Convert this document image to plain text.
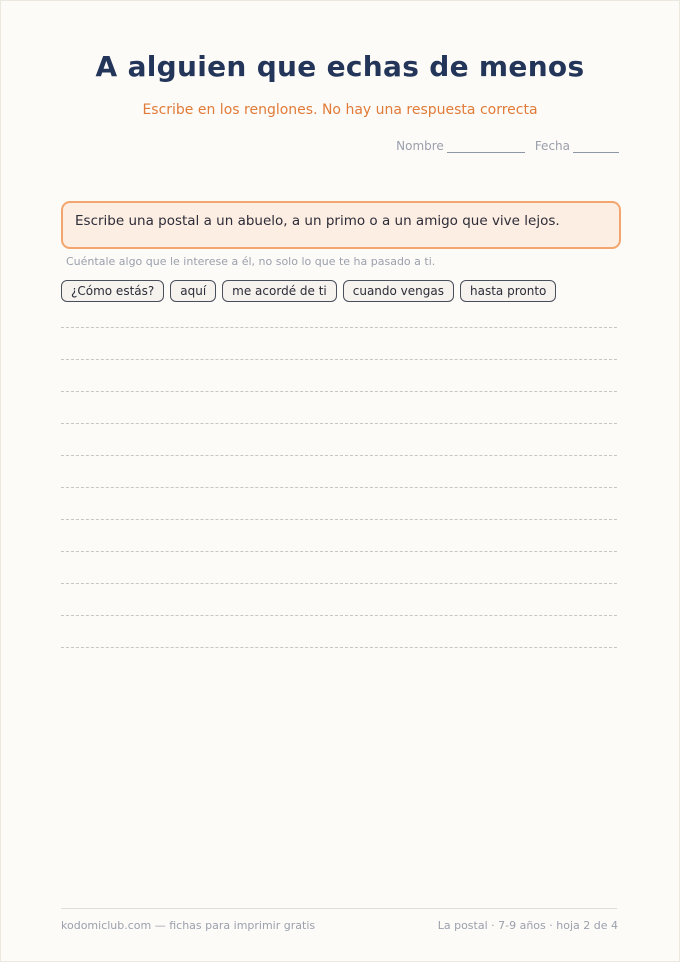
A alguien que echas de menos
Escribe en los renglones. No hay una respuesta correcta
Nombre	Fecha
Escribe una postal a un abuelo, a un primo o a un amigo que vive lejos.
Cuéntale algo que le interese a él, no solo lo que te ha pasado a ti.
¿Cómo estás?	aquí	me acordé de ti	cuando vengas	hasta pronto
kodomiclub.com — fichas para imprimir gratis	La postal · 7-9 años · hoja 2 de 4
